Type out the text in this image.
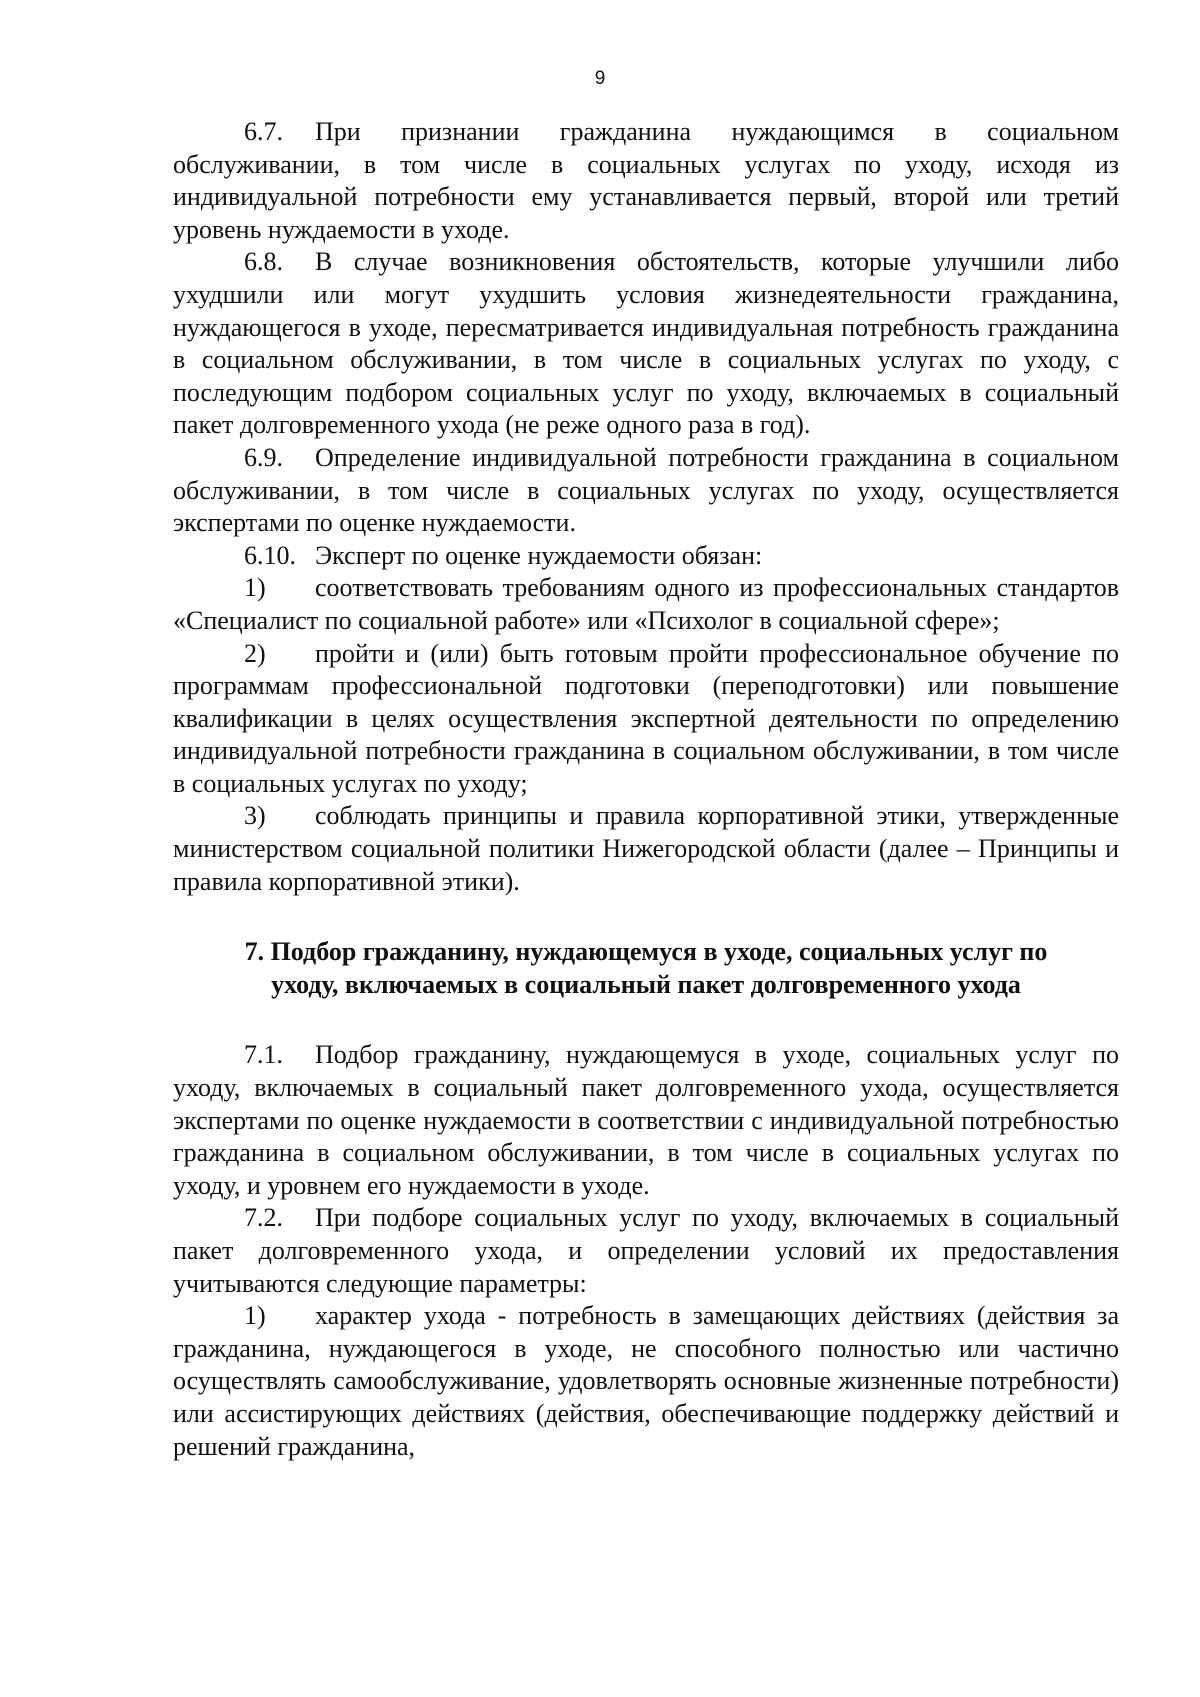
9

6.7. При признании гражданина нуждающимся в социальном обслуживании, в том числе в социальных услугах по уходу, исходя из индивидуальной потребности ему устанавливается первый, второй или третий уровень нуждаемости в уходе.

6.8. В случае возникновения обстоятельств, которые улучшили либо ухудшили или могут ухудшить условия жизнедеятельности гражданина, нуждающегося в уходе, пересматривается индивидуальная потребность гражданина в социальном обслуживании, в том числе в социальных услугах по уходу, с последующим подбором социальных услуг по уходу, включаемых в социальный пакет долговременного ухода (не реже одного раза в год).

6.9. Определение индивидуальной потребности гражданина в социальном обслуживании, в том числе в социальных услугах по уходу, осуществляется экспертами по оценке нуждаемости.

6.10. Эксперт по оценке нуждаемости обязан:

1) соответствовать требованиям одного из профессиональных стандартов «Специалист по социальной работе» или «Психолог в социальной сфере»;

2) пройти и (или) быть готовым пройти профессиональное обучение по программам профессиональной подготовки (переподготовки) или повышение квалификации в целях осуществления экспертной деятельности по определению индивидуальной потребности гражданина в социальном обслуживании, в том числе в социальных услугах по уходу;

3) соблюдать принципы и правила корпоративной этики, утвержденные министерством социальной политики Нижегородской области (далее – Принципы и правила корпоративной этики).

7. Подбор гражданину, нуждающемуся в уходе, социальных услуг по
уходу, включаемых в социальный пакет долговременного ухода

7.1. Подбор гражданину, нуждающемуся в уходе, социальных услуг по уходу, включаемых в социальный пакет долговременного ухода, осуществляется экспертами по оценке нуждаемости в соответствии с индивидуальной потребностью гражданина в социальном обслуживании, в том числе в социальных услугах по уходу, и уровнем его нуждаемости в уходе.

7.2. При подборе социальных услуг по уходу, включаемых в социальный пакет долговременного ухода, и определении условий их предоставления учитываются следующие параметры:

1) характер ухода - потребность в замещающих действиях (действия за гражданина, нуждающегося в уходе, не способного полностью или частично осуществлять самообслуживание, удовлетворять основные жизненные потребности) или ассистирующих действиях (действия, обеспечивающие поддержку действий и решений гражданина,
